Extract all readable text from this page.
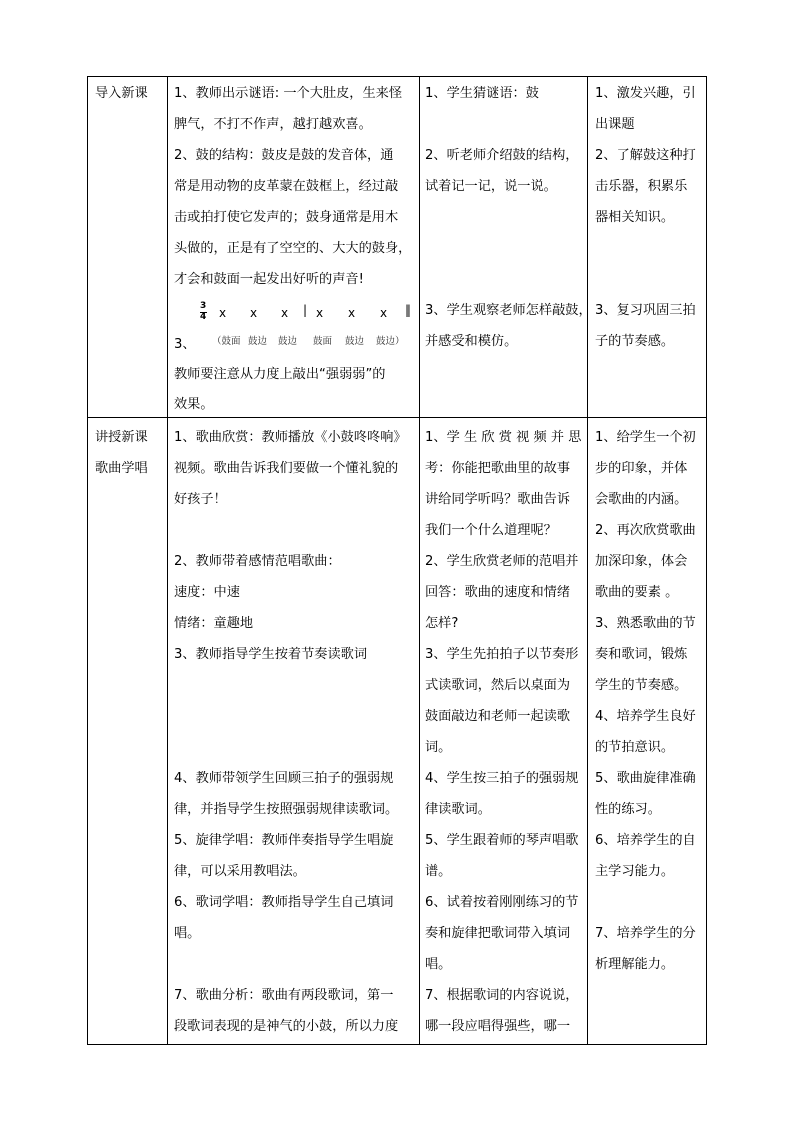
导入新课 1、教师出示谜语: 一个大肚皮，生来怪
脾气，不打不作声，越打越欢喜。
2、鼓的结构：鼓皮是鼓的发音体，通
常是用动物的皮革蒙在鼓框上，经过敲
击或拍打使它发声的；鼓身通常是用木
头做的，正是有了空空的、大大的鼓身，
才会和鼓面一起发出好听的声音!
3、
教师要注意从力度上敲出“强弱弱”的
效果。
3
4 x x x | x x x ‖
（鼓面 鼓边 鼓边 鼓面 鼓边 鼓边）
1、学生猜谜语：鼓
2、听老师介绍鼓的结构，
试着记一记，说一说。
3、学生观察老师怎样敲鼓，
并感受和模仿。
1、激发兴趣，引
出课题
2、了解鼓这种打
击乐器，积累乐
器相关知识。
3、复习巩固三拍
子的节奏感。
讲授新课
歌曲学唱
1、歌曲欣赏：教师播放《小鼓咚咚响》
视频。歌曲告诉我们要做一个懂礼貌的
好孩子！
2、教师带着感情范唱歌曲：
速度：中速
情绪：童趣地
3、教师指导学生按着节奏读歌词
4、教师带领学生回顾三拍子的强弱规
律，并指导学生按照强弱规律读歌词。
5、旋律学唱：教师伴奏指导学生唱旋
律，可以采用教唱法。
6、歌词学唱：教师指导学生自己填词
唱。
7、歌曲分析：歌曲有两段歌词，第一
段歌词表现的是神气的小鼓，所以力度
1、学 生 欣 赏 视 频 并 思
考：你能把歌曲里的故事
讲给同学听吗？歌曲告诉
我们一个什么道理呢？
2、学生欣赏老师的范唱并
回答：歌曲的速度和情绪
怎样?
3、学生先拍拍子以节奏形
式读歌词，然后以桌面为
鼓面敲边和老师一起读歌
词。
4、学生按三拍子的强弱规
律读歌词。
5、学生跟着师的琴声唱歌
谱。
6、试着按着刚刚练习的节
奏和旋律把歌词带入填词
唱。
7、根据歌词的内容说说，
哪一段应唱得强些，哪一
1、给学生一个初
步的印象，并体
会歌曲的内涵。
2、再次欣赏歌曲
加深印象，体会
歌曲的要素 。
3、熟悉歌曲的节
奏和歌词，锻炼
学生的节奏感。
4、培养学生良好
的节拍意识。
5、歌曲旋律准确
性的练习。
6、培养学生的自
主学习能力。
7、培养学生的分
析理解能力。
